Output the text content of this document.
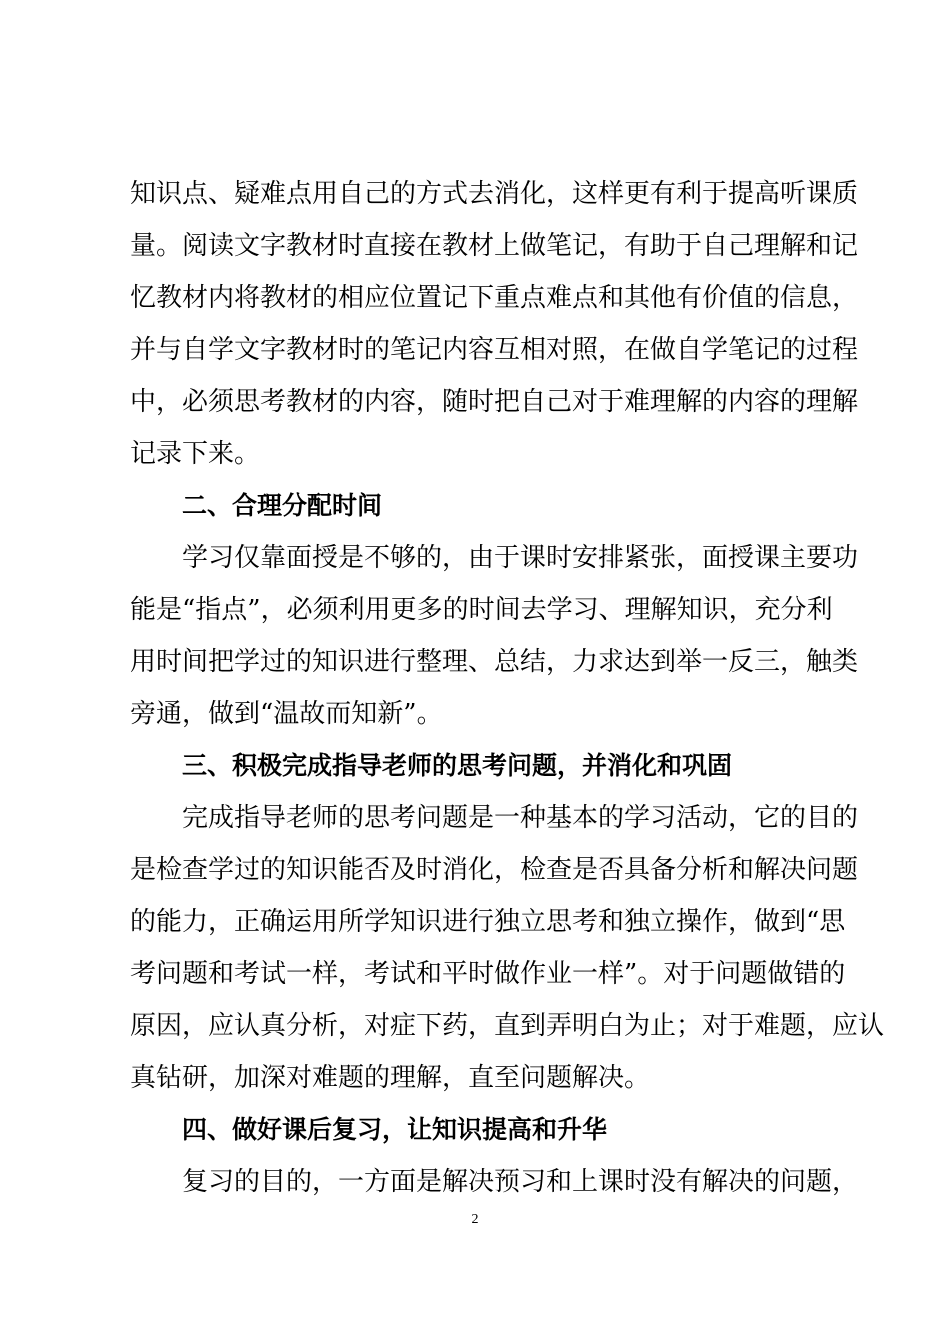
知识点、疑难点用自己的方式去消化，这样更有利于提高听课质
量。阅读文字教材时直接在教材上做笔记，有助于自己理解和记
忆教材内将教材的相应位置记下重点难点和其他有价值的信息，
并与自学文字教材时的笔记内容互相对照，在做自学笔记的过程
中，必须思考教材的内容，随时把自己对于难理解的内容的理解
记录下来。
二、合理分配时间
学习仅靠面授是不够的，由于课时安排紧张，面授课主要功
能是“指点”，必须利用更多的时间去学习、理解知识，充分利
用时间把学过的知识进行整理、总结，力求达到举一反三，触类
旁通，做到“温故而知新”。
三、积极完成指导老师的思考问题，并消化和巩固
完成指导老师的思考问题是一种基本的学习活动，它的目的
是检查学过的知识能否及时消化，检查是否具备分析和解决问题
的能力，正确运用所学知识进行独立思考和独立操作，做到“思
考问题和考试一样，考试和平时做作业一样”。对于问题做错的
原因，应认真分析，对症下药，直到弄明白为止；对于难题，应认
真钻研，加深对难题的理解，直至问题解决。
四、做好课后复习，让知识提高和升华
复习的目的，一方面是解决预习和上课时没有解决的问题，
2
